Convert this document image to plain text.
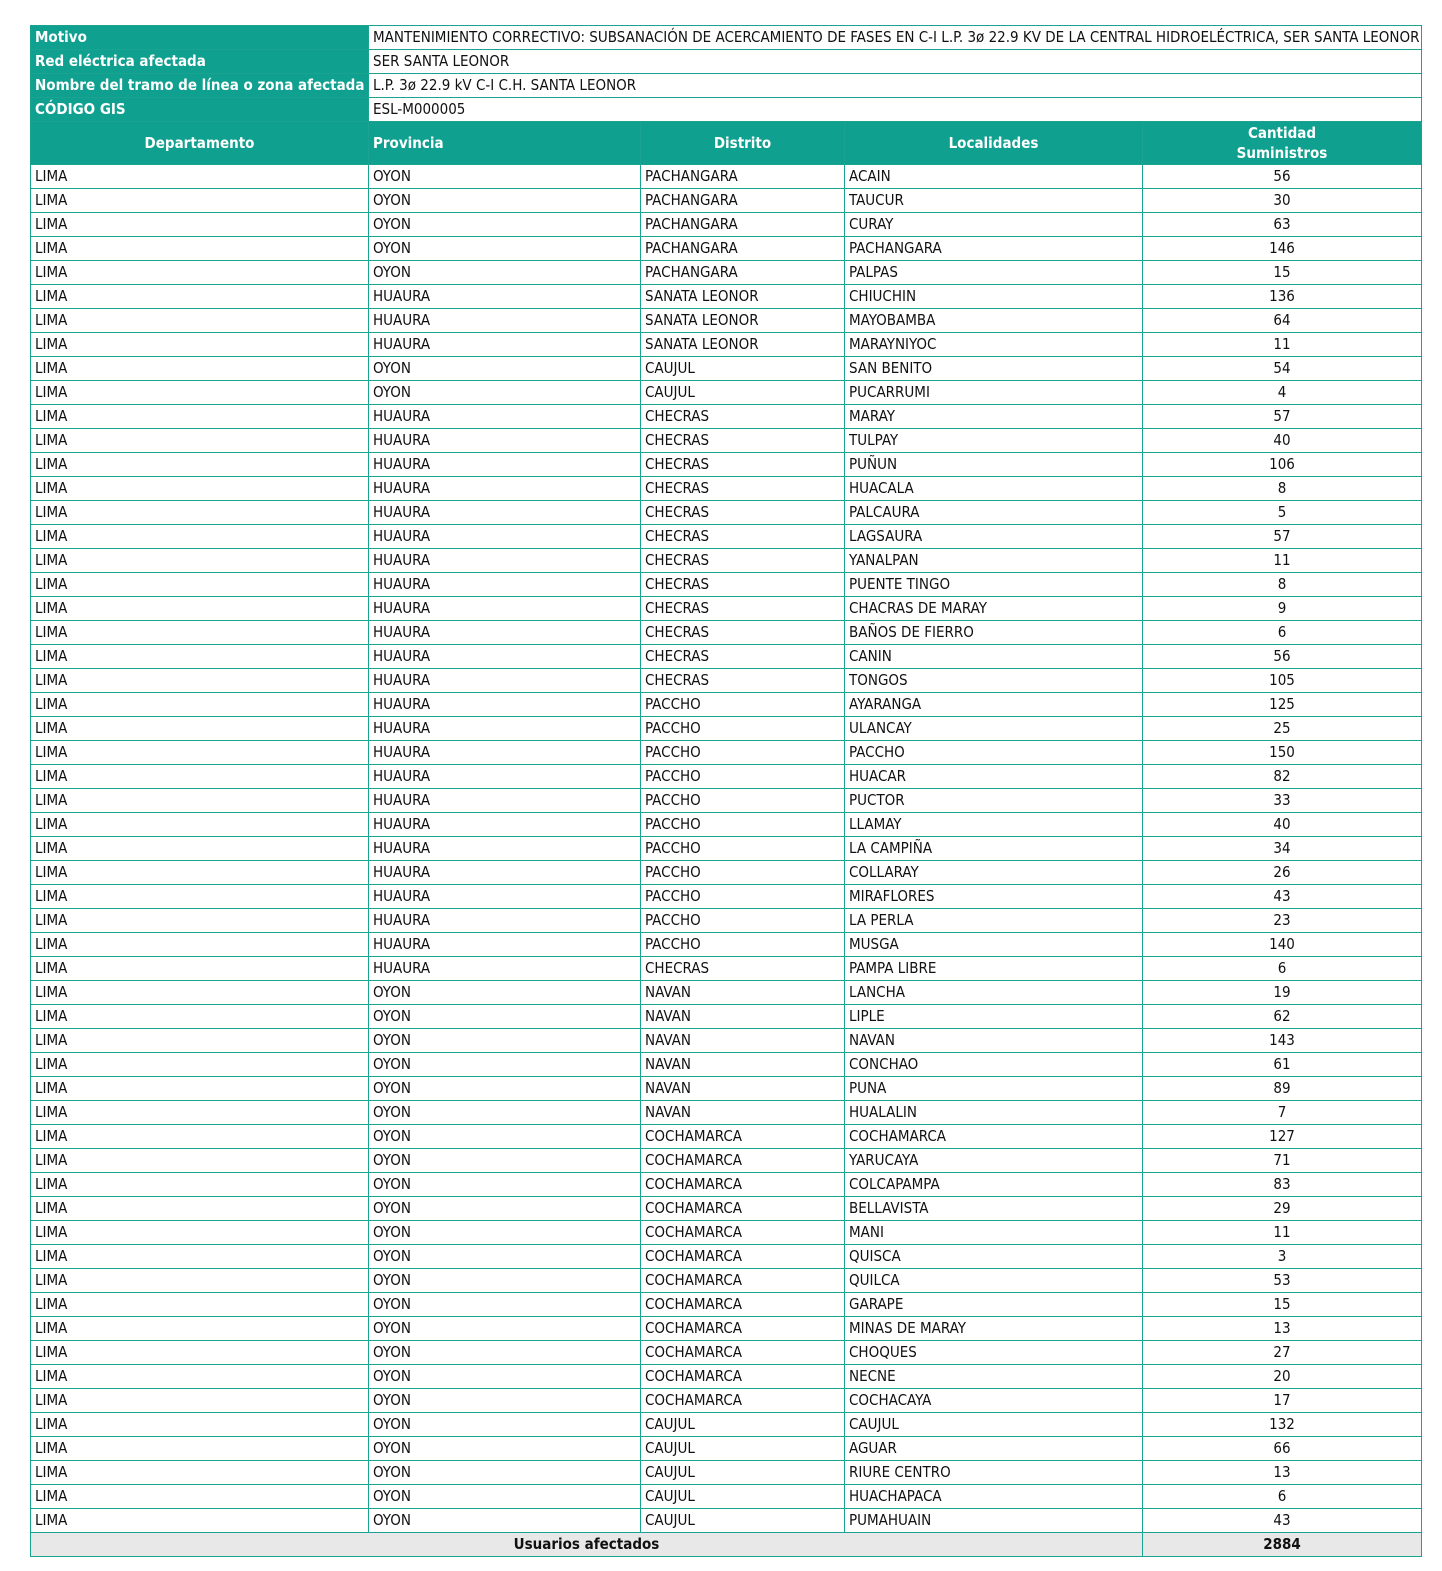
Motivo	MANTENIMIENTO CORRECTIVO: SUBSANACIÓN DE ACERCAMIENTO DE FASES EN C-I L.P. 3ø 22.9 KV DE LA CENTRAL HIDROELÉCTRICA, SER SANTA LEONOR
Red eléctrica afectada	SER SANTA LEONOR
Nombre del tramo de línea o zona afectada	L.P. 3ø 22.9 kV C-I C.H. SANTA LEONOR
CÓDIGO GIS	ESL-M000005
Departamento	Provincia	Distrito	Localidades	Cantidad
Suministros
LIMA	OYON	PACHANGARA	ACAIN	56
LIMA	OYON	PACHANGARA	TAUCUR	30
LIMA	OYON	PACHANGARA	CURAY	63
LIMA	OYON	PACHANGARA	PACHANGARA	146
LIMA	OYON	PACHANGARA	PALPAS	15
LIMA	HUAURA	SANATA LEONOR	CHIUCHIN	136
LIMA	HUAURA	SANATA LEONOR	MAYOBAMBA	64
LIMA	HUAURA	SANATA LEONOR	MARAYNIYOC	11
LIMA	OYON	CAUJUL	SAN BENITO	54
LIMA	OYON	CAUJUL	PUCARRUMI	4
LIMA	HUAURA	CHECRAS	MARAY	57
LIMA	HUAURA	CHECRAS	TULPAY	40
LIMA	HUAURA	CHECRAS	PUÑUN	106
LIMA	HUAURA	CHECRAS	HUACALA	8
LIMA	HUAURA	CHECRAS	PALCAURA	5
LIMA	HUAURA	CHECRAS	LAGSAURA	57
LIMA	HUAURA	CHECRAS	YANALPAN	11
LIMA	HUAURA	CHECRAS	PUENTE TINGO	8
LIMA	HUAURA	CHECRAS	CHACRAS DE MARAY	9
LIMA	HUAURA	CHECRAS	BAÑOS DE FIERRO	6
LIMA	HUAURA	CHECRAS	CANIN	56
LIMA	HUAURA	CHECRAS	TONGOS	105
LIMA	HUAURA	PACCHO	AYARANGA	125
LIMA	HUAURA	PACCHO	ULANCAY	25
LIMA	HUAURA	PACCHO	PACCHO	150
LIMA	HUAURA	PACCHO	HUACAR	82
LIMA	HUAURA	PACCHO	PUCTOR	33
LIMA	HUAURA	PACCHO	LLAMAY	40
LIMA	HUAURA	PACCHO	LA CAMPIÑA	34
LIMA	HUAURA	PACCHO	COLLARAY	26
LIMA	HUAURA	PACCHO	MIRAFLORES	43
LIMA	HUAURA	PACCHO	LA PERLA	23
LIMA	HUAURA	PACCHO	MUSGA	140
LIMA	HUAURA	CHECRAS	PAMPA LIBRE	6
LIMA	OYON	NAVAN	LANCHA	19
LIMA	OYON	NAVAN	LIPLE	62
LIMA	OYON	NAVAN	NAVAN	143
LIMA	OYON	NAVAN	CONCHAO	61
LIMA	OYON	NAVAN	PUNA	89
LIMA	OYON	NAVAN	HUALALIN	7
LIMA	OYON	COCHAMARCA	COCHAMARCA	127
LIMA	OYON	COCHAMARCA	YARUCAYA	71
LIMA	OYON	COCHAMARCA	COLCAPAMPA	83
LIMA	OYON	COCHAMARCA	BELLAVISTA	29
LIMA	OYON	COCHAMARCA	MANI	11
LIMA	OYON	COCHAMARCA	QUISCA	3
LIMA	OYON	COCHAMARCA	QUILCA	53
LIMA	OYON	COCHAMARCA	GARAPE	15
LIMA	OYON	COCHAMARCA	MINAS DE MARAY	13
LIMA	OYON	COCHAMARCA	CHOQUES	27
LIMA	OYON	COCHAMARCA	NECNE	20
LIMA	OYON	COCHAMARCA	COCHACAYA	17
LIMA	OYON	CAUJUL	CAUJUL	132
LIMA	OYON	CAUJUL	AGUAR	66
LIMA	OYON	CAUJUL	RIURE CENTRO	13
LIMA	OYON	CAUJUL	HUACHAPACA	6
LIMA	OYON	CAUJUL	PUMAHUAIN	43
Usuarios afectados				2884
